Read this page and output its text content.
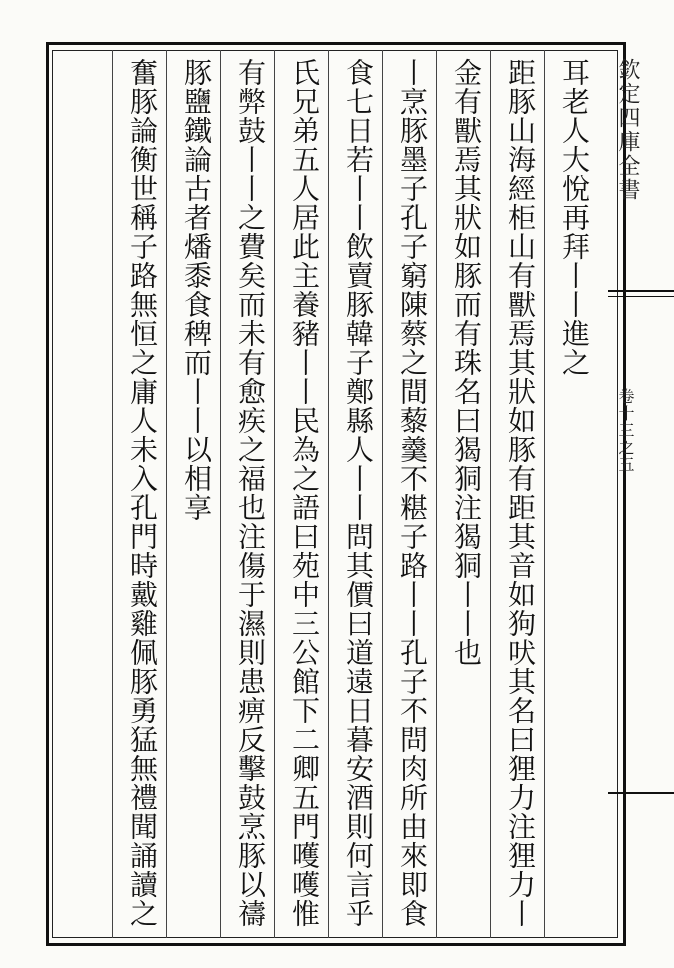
欽定四庫全書
卷十三之五
耳老人大悅再拜丨丨進之
距豚山海經柜山有獸焉其狀如豚有距其音如狗吠其名曰狸力注狸力丨
金有獸焉其狀如豚而有珠名曰猲狪注猲狪丨丨也
丨烹豚墨子孔子窮陳蔡之間藜羹不糂子路丨丨孔子不問肉所由來即食
食七日若丨丨飲賣豚韓子鄭縣人丨丨問其價曰道遠日暮安酒則何言乎
氏兄弟五人居此主養豬丨丨民為之語曰苑中三公館下二卿五門嚄嚄惟
有弊鼓丨丨之費矣而未有愈疾之福也注傷于濕則患痹反擊鼓烹豚以禱
豚鹽鐵論古者燔黍食稗而丨丨以相享
奮豚論衡世稱子路無恒之庸人未入孔門時戴雞佩豚勇猛無禮聞誦讀之
